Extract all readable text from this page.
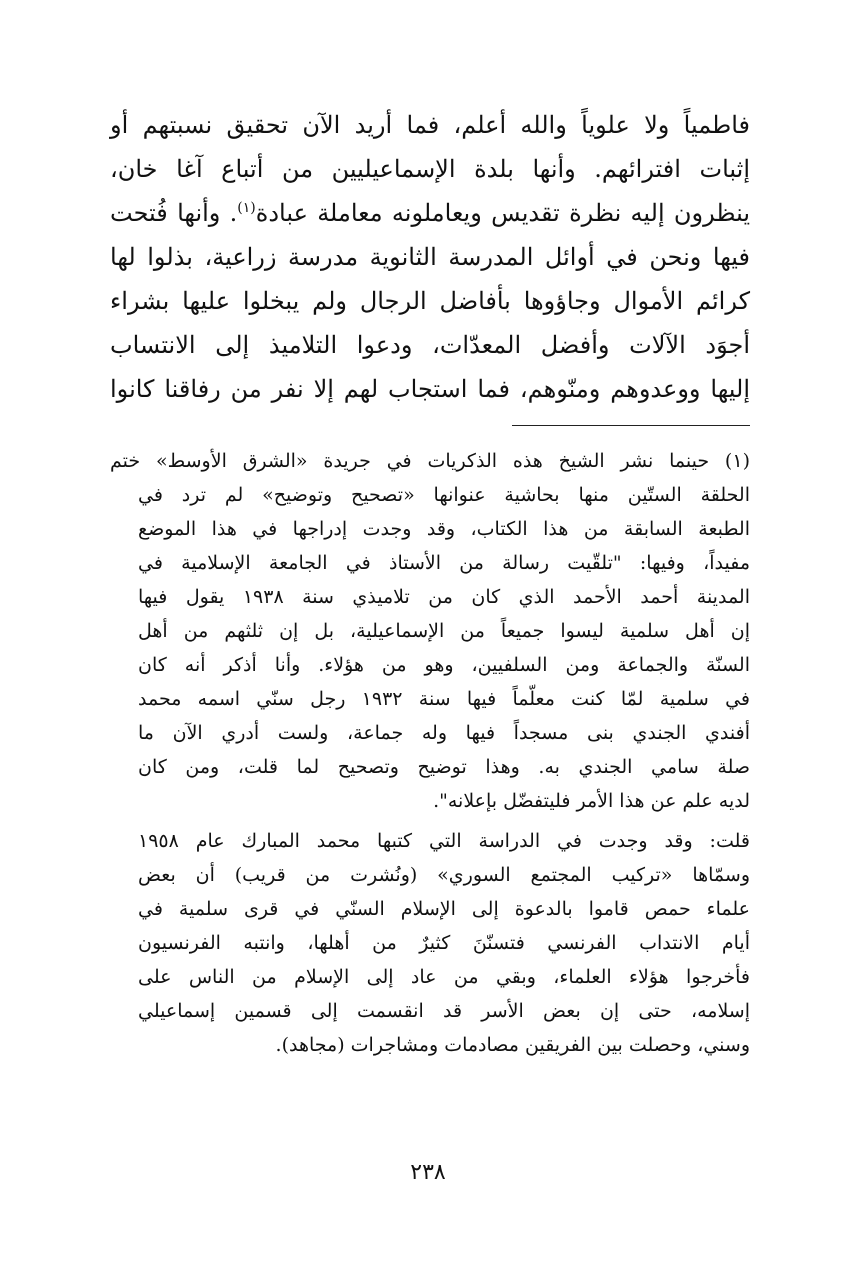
فاطمياً ولا علوياً والله أعلم، فما أريد الآن تحقيق نسبتهم أو
إثبات افترائهم. وأنها بلدة الإسماعيليين من أتباع آغا خان،
ينظرون إليه نظرة تقديس ويعاملونه معاملة عبادة$^{(١)}$. وأنها فُتحت
فيها ونحن في أوائل المدرسة الثانوية مدرسة زراعية، بذلوا لها
كرائم الأموال وجاؤوها بأفاضل الرجال ولم يبخلوا عليها بشراء
أجوَد الآلات وأفضل المعدّات، ودعوا التلاميذ إلى الانتساب
إليها ووعدوهم ومنّوهم، فما استجاب لهم إلا نفر من رفاقنا كانوا
(١) حينما نشر الشيخ هذه الذكريات في جريدة «الشرق الأوسط» ختم
الحلقة الستّين منها بحاشية عنوانها «تصحيح وتوضيح» لم ترد في
الطبعة السابقة من هذا الكتاب، وقد وجدت إدراجها في هذا الموضع
مفيداً، وفيها: "تلقّيت رسالة من الأستاذ في الجامعة الإسلامية في
المدينة أحمد الأحمد الذي كان من تلاميذي سنة ١٩٣٨ يقول فيها
إن أهل سلمية ليسوا جميعاً من الإسماعيلية، بل إن ثلثهم من أهل
السنّة والجماعة ومن السلفيين، وهو من هؤلاء. وأنا أذكر أنه كان
في سلمية لمّا كنت معلّماً فيها سنة ١٩٣٢ رجل سنّي اسمه محمد
أفندي الجندي بنى مسجداً فيها وله جماعة، ولست أدري الآن ما
صلة سامي الجندي به. وهذا توضيح وتصحيح لما قلت، ومن كان
لديه علم عن هذا الأمر فليتفضّل بإعلانه".
قلت: وقد وجدت في الدراسة التي كتبها محمد المبارك عام ١٩٥٨
وسمّاها «تركيب المجتمع السوري» (ونُشرت من قريب) أن بعض
علماء حمص قاموا بالدعوة إلى الإسلام السنّي في قرى سلمية في
أيام الانتداب الفرنسي فتسنّنَ كثيرٌ من أهلها، وانتبه الفرنسيون
فأخرجوا هؤلاء العلماء، وبقي من عاد إلى الإسلام من الناس على
إسلامه، حتى إن بعض الأسر قد انقسمت إلى قسمين إسماعيلي
وسني، وحصلت بين الفريقين مصادمات ومشاجرات (مجاهد).
٢٣٨
